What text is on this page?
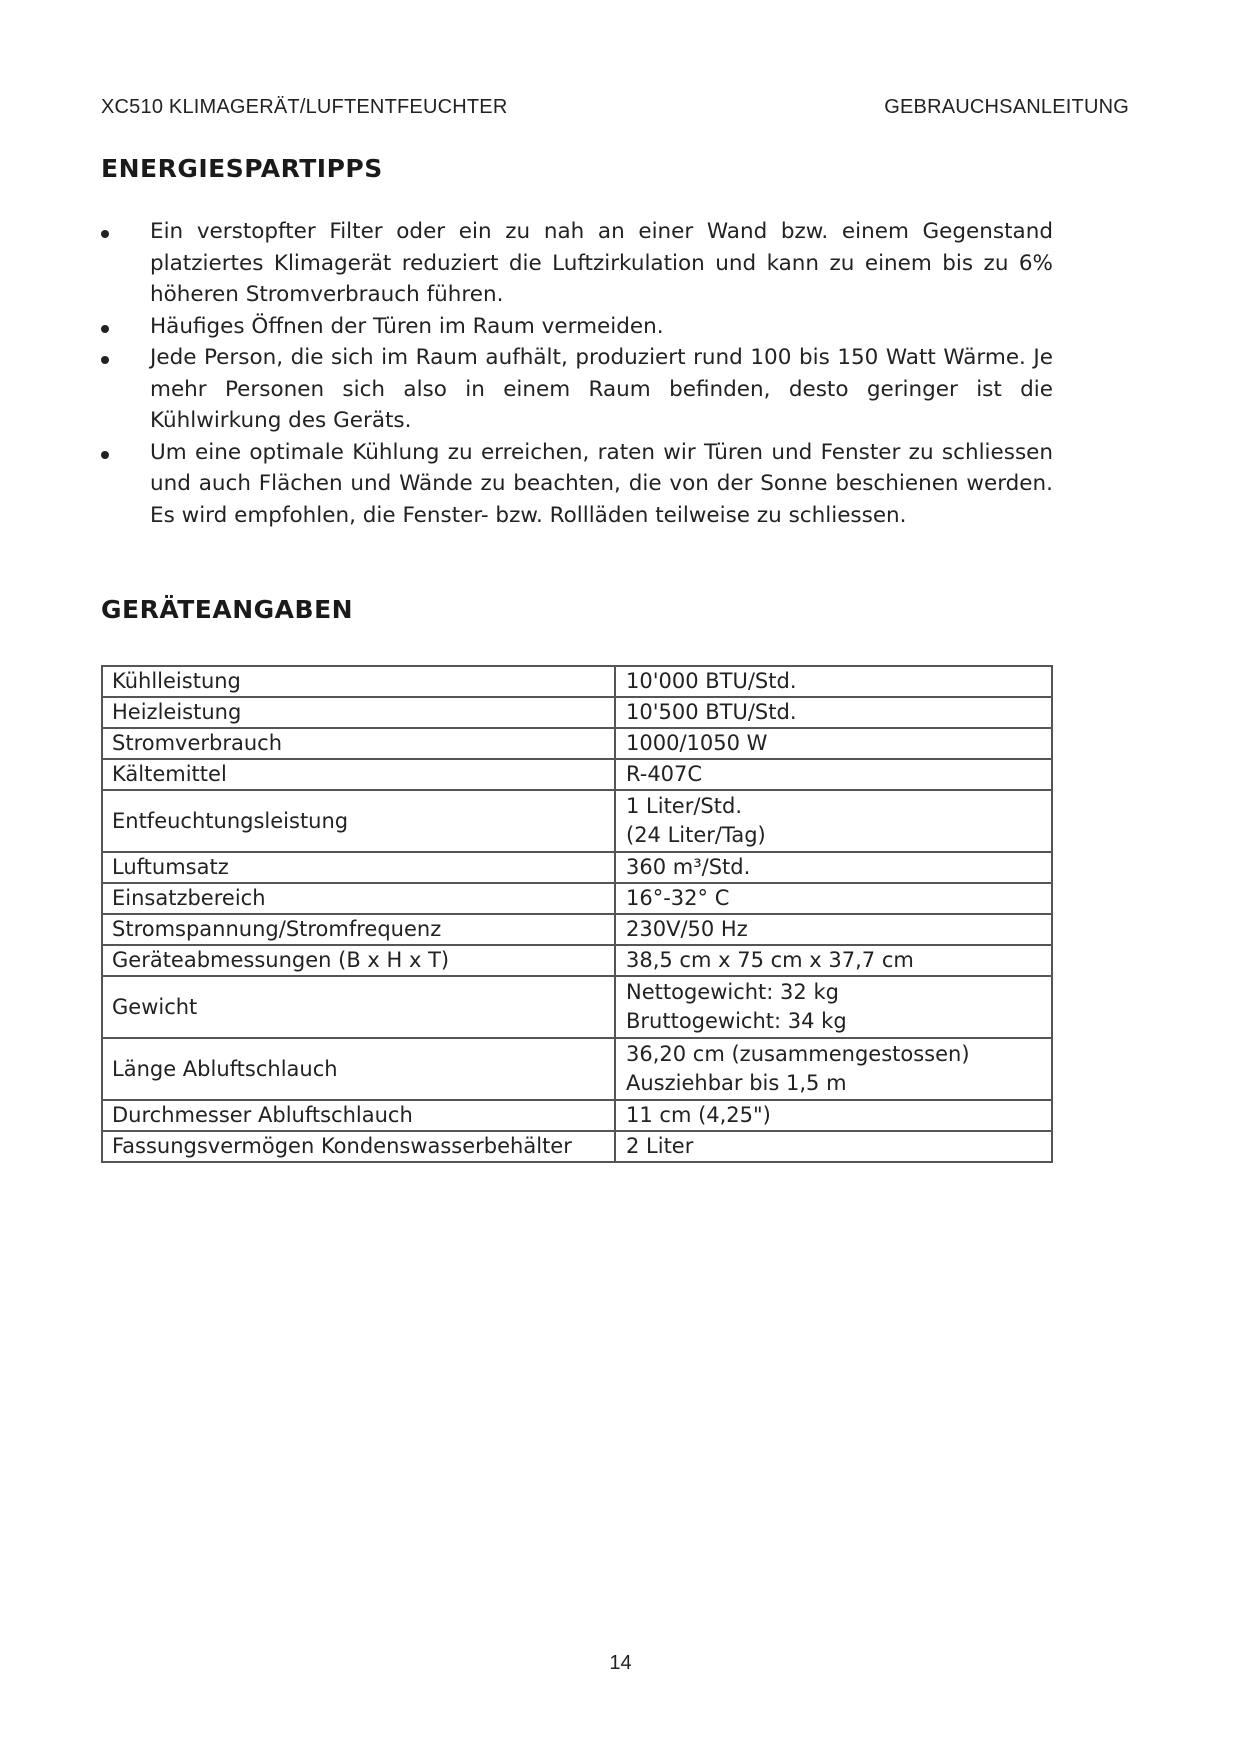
XC510 KLIMAGERÄT/LUFTENTFEUCHTER	GEBRAUCHSANLEITUNG
ENERGIESPARTIPPS
Ein verstopfter Filter oder ein zu nah an einer Wand bzw. einem Gegenstand platziertes Klimagerät reduziert die Luftzirkulation und kann zu einem bis zu 6% höheren Stromverbrauch führen.
Häufiges Öffnen der Türen im Raum vermeiden.
Jede Person, die sich im Raum aufhält, produziert rund 100 bis 150 Watt Wärme. Je mehr Personen sich also in einem Raum befinden, desto geringer ist die Kühlwirkung des Geräts.
Um eine optimale Kühlung zu erreichen, raten wir Türen und Fenster zu schliessen und auch Flächen und Wände zu beachten, die von der Sonne beschienen werden. Es wird empfohlen, die Fenster- bzw. Rollläden teilweise zu schliessen.
GERÄTEANGABEN
Kühlleistung	10'000 BTU/Std.
Heizleistung	10'500 BTU/Std.
Stromverbrauch	1000/1050 W
Kältemittel	R-407C
Entfeuchtungsleistung	1 Liter/Std.
(24 Liter/Tag)

Luftumsatz	360 m³/Std.
Einsatzbereich	16°-32° C
Stromspannung/Stromfrequenz	230V/50 Hz
Geräteabmessungen (B x H x T)	38,5 cm x 75 cm x 37,7 cm
Gewicht	Nettogewicht: 32 kg
Bruttogewicht: 34 kg

Länge Abluftschlauch	36,20 cm (zusammengestossen)
Ausziehbar bis 1,5 m

Durchmesser Abluftschlauch	11 cm (4,25")
Fassungsvermögen Kondenswasserbehälter	2 Liter
14
